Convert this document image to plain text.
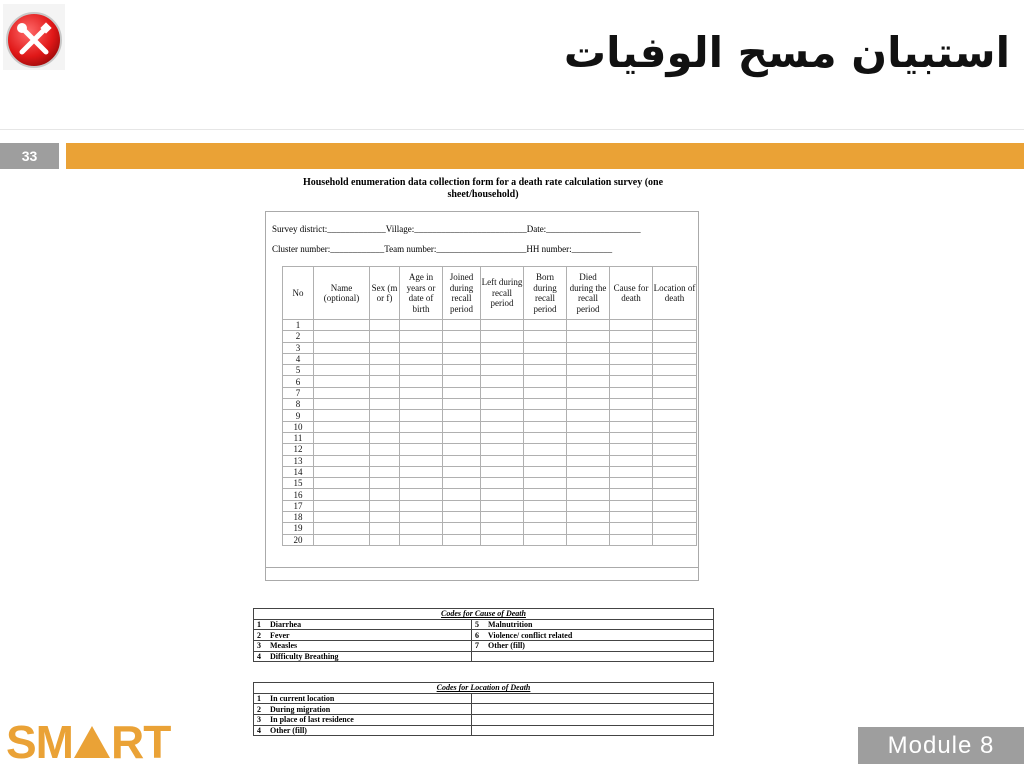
استبيان مسح الوفيات
33
Household enumeration data collection form for a death rate calculation survey (one sheet/household)
Survey district:_____________Village:_________________________Date:_____________________
Cluster number:____________Team number:____________________HH number:_________
No	Name (optional)	Sex (m or f)	Age in years or date of birth	Joined during recall period	Left during recall period	Born during recall period	Died during the recall period	Cause for death	Location of death
1									
2									
3									
4									
5									
6									
7									
8									
9									
10									
11									
12									
13									
14									
15									
16									
17									
18									
19									
20									
Codes for Cause of Death	
1 Diarrhea	5 Malnutrition
2 Fever	6 Violence/ conflict related
3 Measles	7 Other (fill)
4 Difficulty Breathing	
Codes for Location of Death	
1 In current location	
2 During migration	
3 In place of last residence	
4 Other (fill)	
SM RT	Module 8
